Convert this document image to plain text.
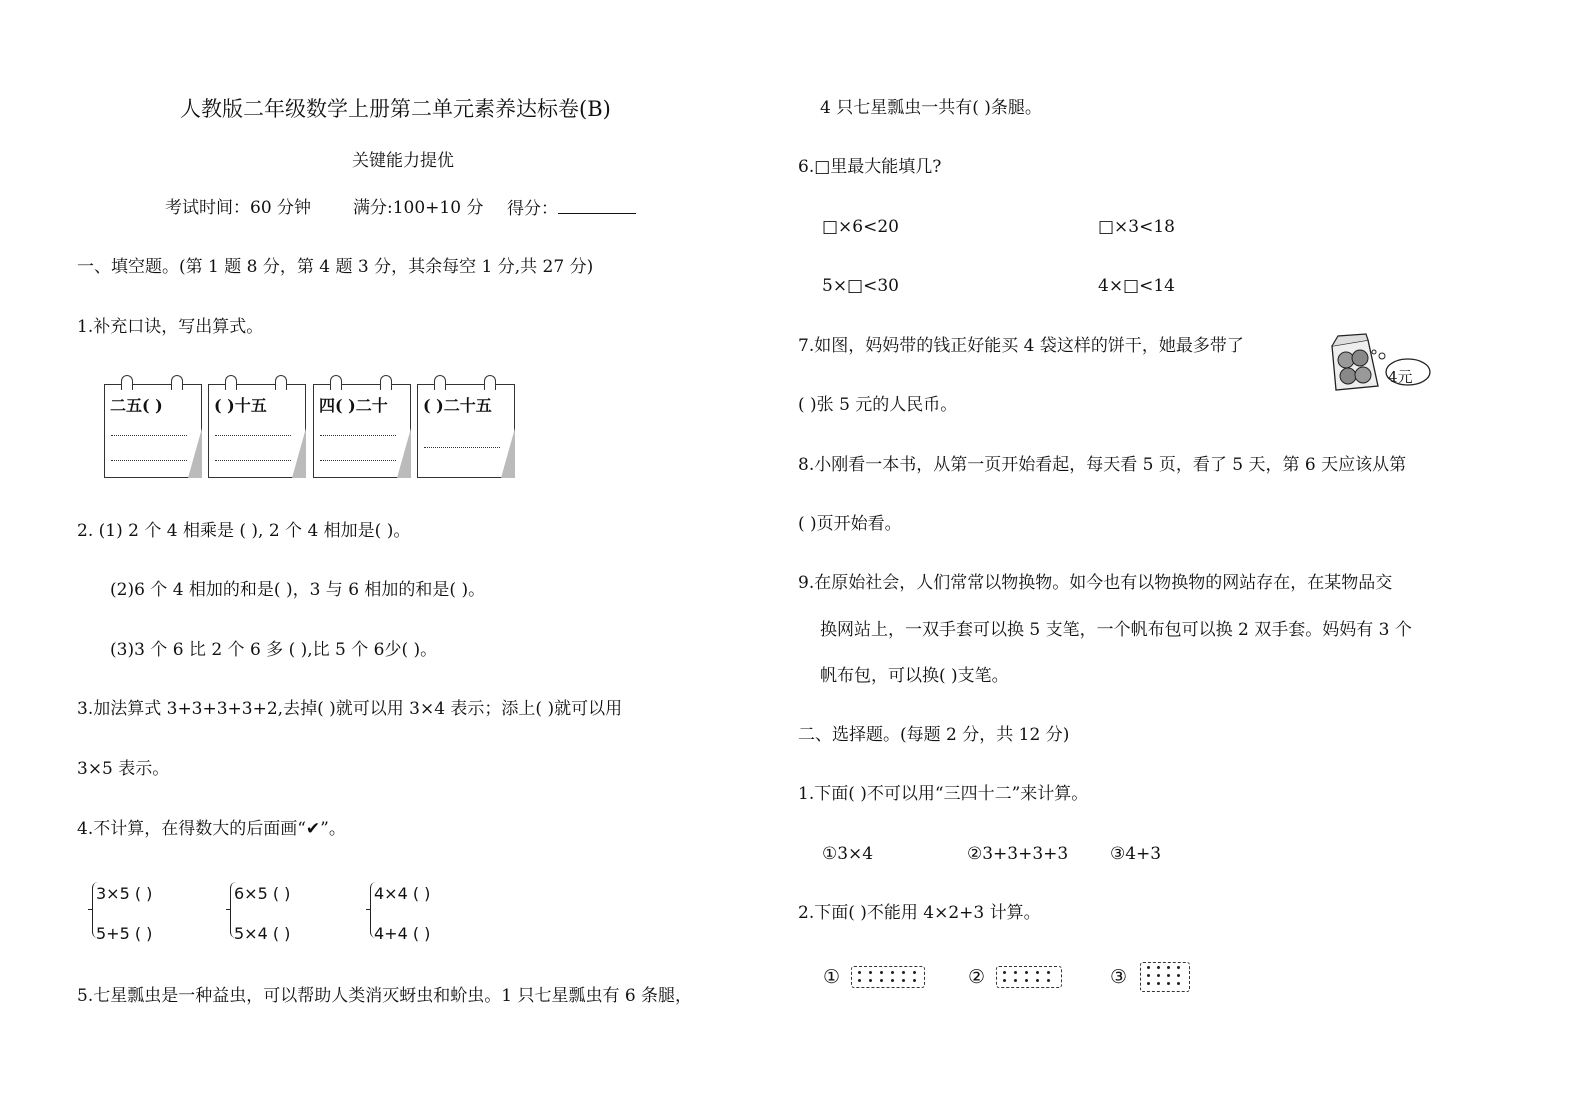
人教版二年级数学上册第二单元素养达标卷(B)
关键能力提优
考试时间：60 分钟 满分:100+10 分 得分：
一、填空题。(第 1 题 8 分，第 4 题 3 分，其余每空 1 分,共 27 分)
1.补充口诀，写出算式。
二五( )	( )十五	四( )二十 ( )二十五
2. (1) 2 个 4 相乘是 ( ), 2 个 4 相加是( )。
(2)6 个 4 相加的和是( )，3 与 6 相加的和是( )。
(3)3 个 6 比 2 个 6 多 ( ),比 5 个 6少( )。
3.加法算式 3+3+3+3+2,去掉( )就可以用 3×4 表示；添上( )就可以用
3×5 表示。
4.不计算，在得数大的后面画“✔”。
3×5 ( )
5+5 ( )
6×5 ( )
5×4 ( )
4×4 ( )
4+4 ( )
5.七星瓢虫是一种益虫，可以帮助人类消灭蚜虫和蚧虫。1 只七星瓢虫有 6 条腿，
4 只七星瓢虫一共有( )条腿。
6.□里最大能填几?
□×6<20	□×3<18
5×□<30	4×□<14
7.如图，妈妈带的钱正好能买 4 袋这样的饼干，她最多带了
4元
( )张 5 元的人民币。
8.小刚看一本书，从第一页开始看起，每天看 5 页，看了 5 天，第 6 天应该从第
( )页开始看。
9.在原始社会，人们常常以物换物。如今也有以物换物的网站存在，在某物品交
换网站上，一双手套可以换 5 支笔，一个帆布包可以换 2 双手套。妈妈有 3 个
帆布包，可以换( )支笔。
二、选择题。(每题 2 分，共 12 分)
1.下面( )不可以用“三四十二”来计算。
①3×4	②3+3+3+3 ③4+3
2.下面( )不能用 4×2+3 计算。
①	②	③
